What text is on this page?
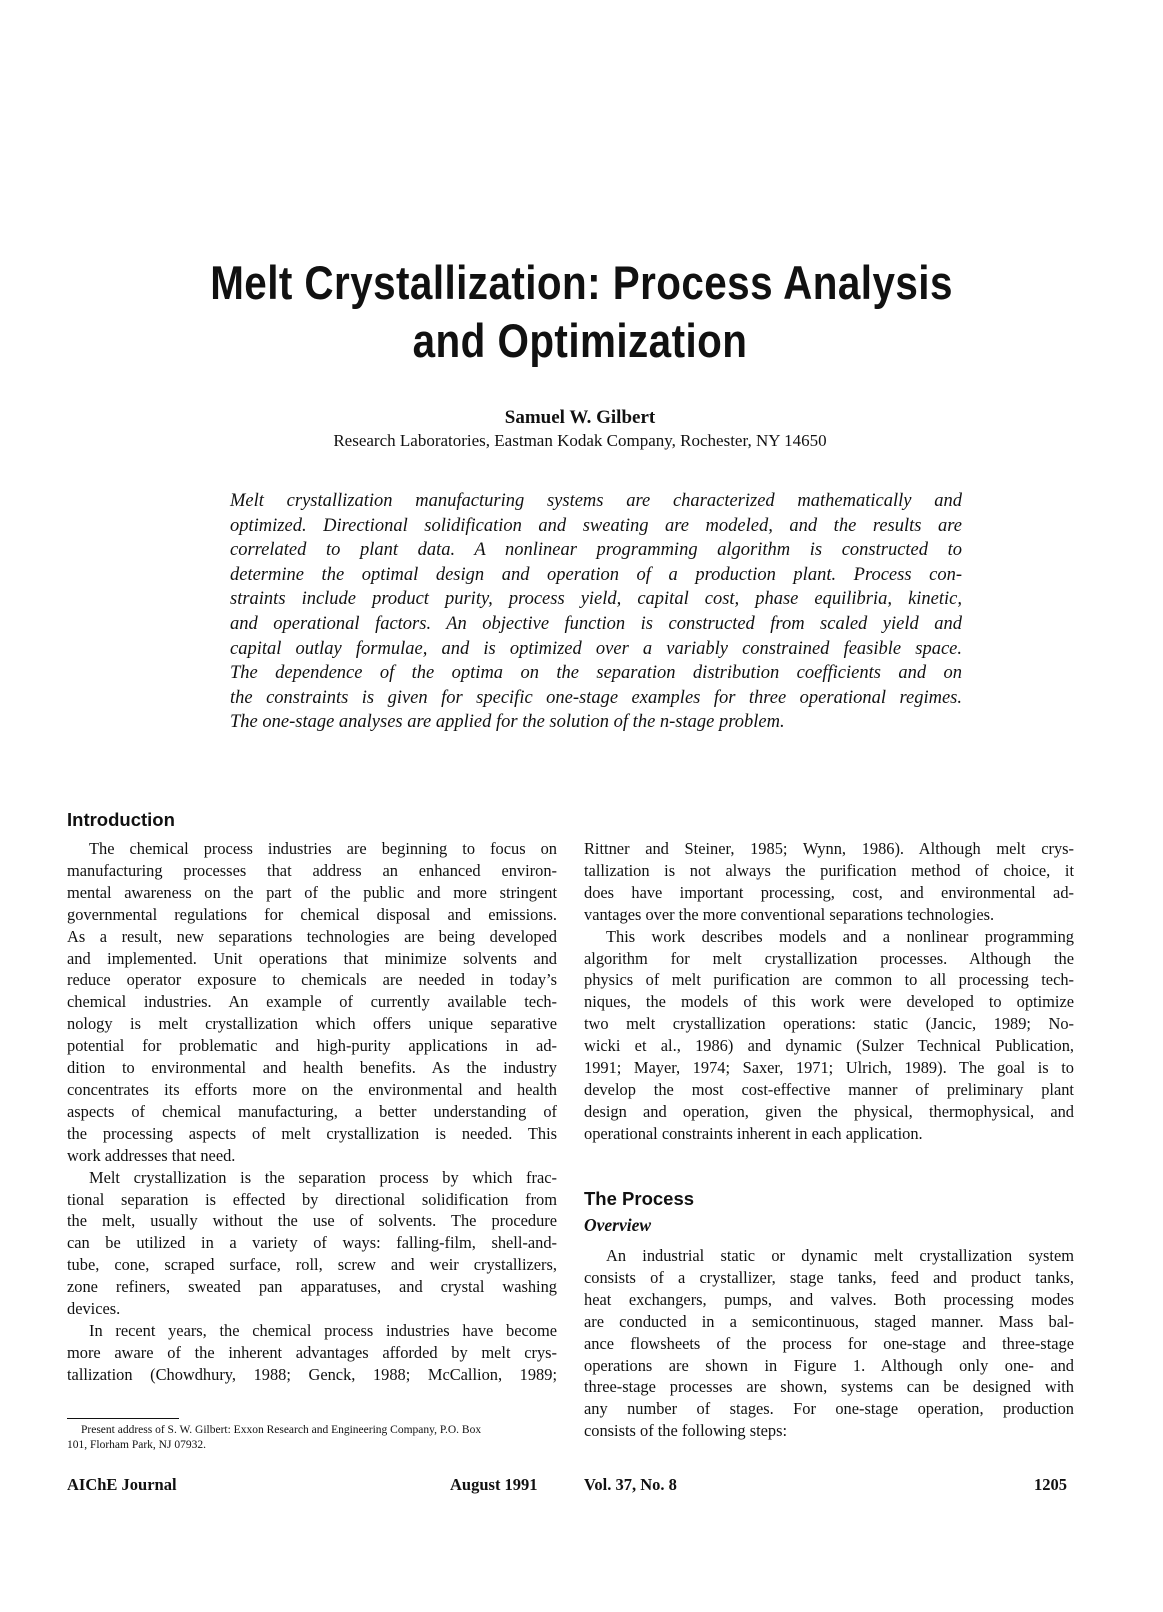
Melt Crystallization: Process Analysis
and Optimization
Samuel W. Gilbert
Research Laboratories, Eastman Kodak Company, Rochester, NY 14650
Melt crystallization manufacturing systems are characterized mathematically and
optimized. Directional solidification and sweating are modeled, and the results are
correlated to plant data. A nonlinear programming algorithm is constructed to
determine the optimal design and operation of a production plant. Process con-
straints include product purity, process yield, capital cost, phase equilibria, kinetic,
and operational factors. An objective function is constructed from scaled yield and
capital outlay formulae, and is optimized over a variably constrained feasible space.
The dependence of the optima on the separation distribution coefficients and on
the constraints is given for specific one-stage examples for three operational regimes.
The one-stage analyses are applied for the solution of the n-stage problem.
Introduction
The chemical process industries are beginning to focus on
manufacturing processes that address an enhanced environ-
mental awareness on the part of the public and more stringent
governmental regulations for chemical disposal and emissions.
As a result, new separations technologies are being developed
and implemented. Unit operations that minimize solvents and
reduce operator exposure to chemicals are needed in today’s
chemical industries. An example of currently available tech-
nology is melt crystallization which offers unique separative
potential for problematic and high-purity applications in ad-
dition to environmental and health benefits. As the industry
concentrates its efforts more on the environmental and health
aspects of chemical manufacturing, a better understanding of
the processing aspects of melt crystallization is needed. This
work addresses that need.
Melt crystallization is the separation process by which frac-
tional separation is effected by directional solidification from
the melt, usually without the use of solvents. The procedure
can be utilized in a variety of ways: falling-film, shell-and-
tube, cone, scraped surface, roll, screw and weir crystallizers,
zone refiners, sweated pan apparatuses, and crystal washing
devices.
In recent years, the chemical process industries have become
more aware of the inherent advantages afforded by melt crys-
tallization (Chowdhury, 1988; Genck, 1988; McCallion, 1989;
Rittner and Steiner, 1985; Wynn, 1986). Although melt crys-
tallization is not always the purification method of choice, it
does have important processing, cost, and environmental ad-
vantages over the more conventional separations technologies.
This work describes models and a nonlinear programming
algorithm for melt crystallization processes. Although the
physics of melt purification are common to all processing tech-
niques, the models of this work were developed to optimize
two melt crystallization operations: static (Jancic, 1989; No-
wicki et al., 1986) and dynamic (Sulzer Technical Publication,
1991; Mayer, 1974; Saxer, 1971; Ulrich, 1989). The goal is to
develop the most cost-effective manner of preliminary plant
design and operation, given the physical, thermophysical, and
operational constraints inherent in each application.
The Process
Overview
An industrial static or dynamic melt crystallization system
consists of a crystallizer, stage tanks, feed and product tanks,
heat exchangers, pumps, and valves. Both processing modes
are conducted in a semicontinuous, staged manner. Mass bal-
ance flowsheets of the process for one-stage and three-stage
operations are shown in Figure 1. Although only one- and
three-stage processes are shown, systems can be designed with
any number of stages. For one-stage operation, production
consists of the following steps:
Present address of S. W. Gilbert: Exxon Research and Engineering Company, P.O. Box
101, Florham Park, NJ 07932.
AIChE Journal	August 1991	Vol. 37, No. 8	1205
